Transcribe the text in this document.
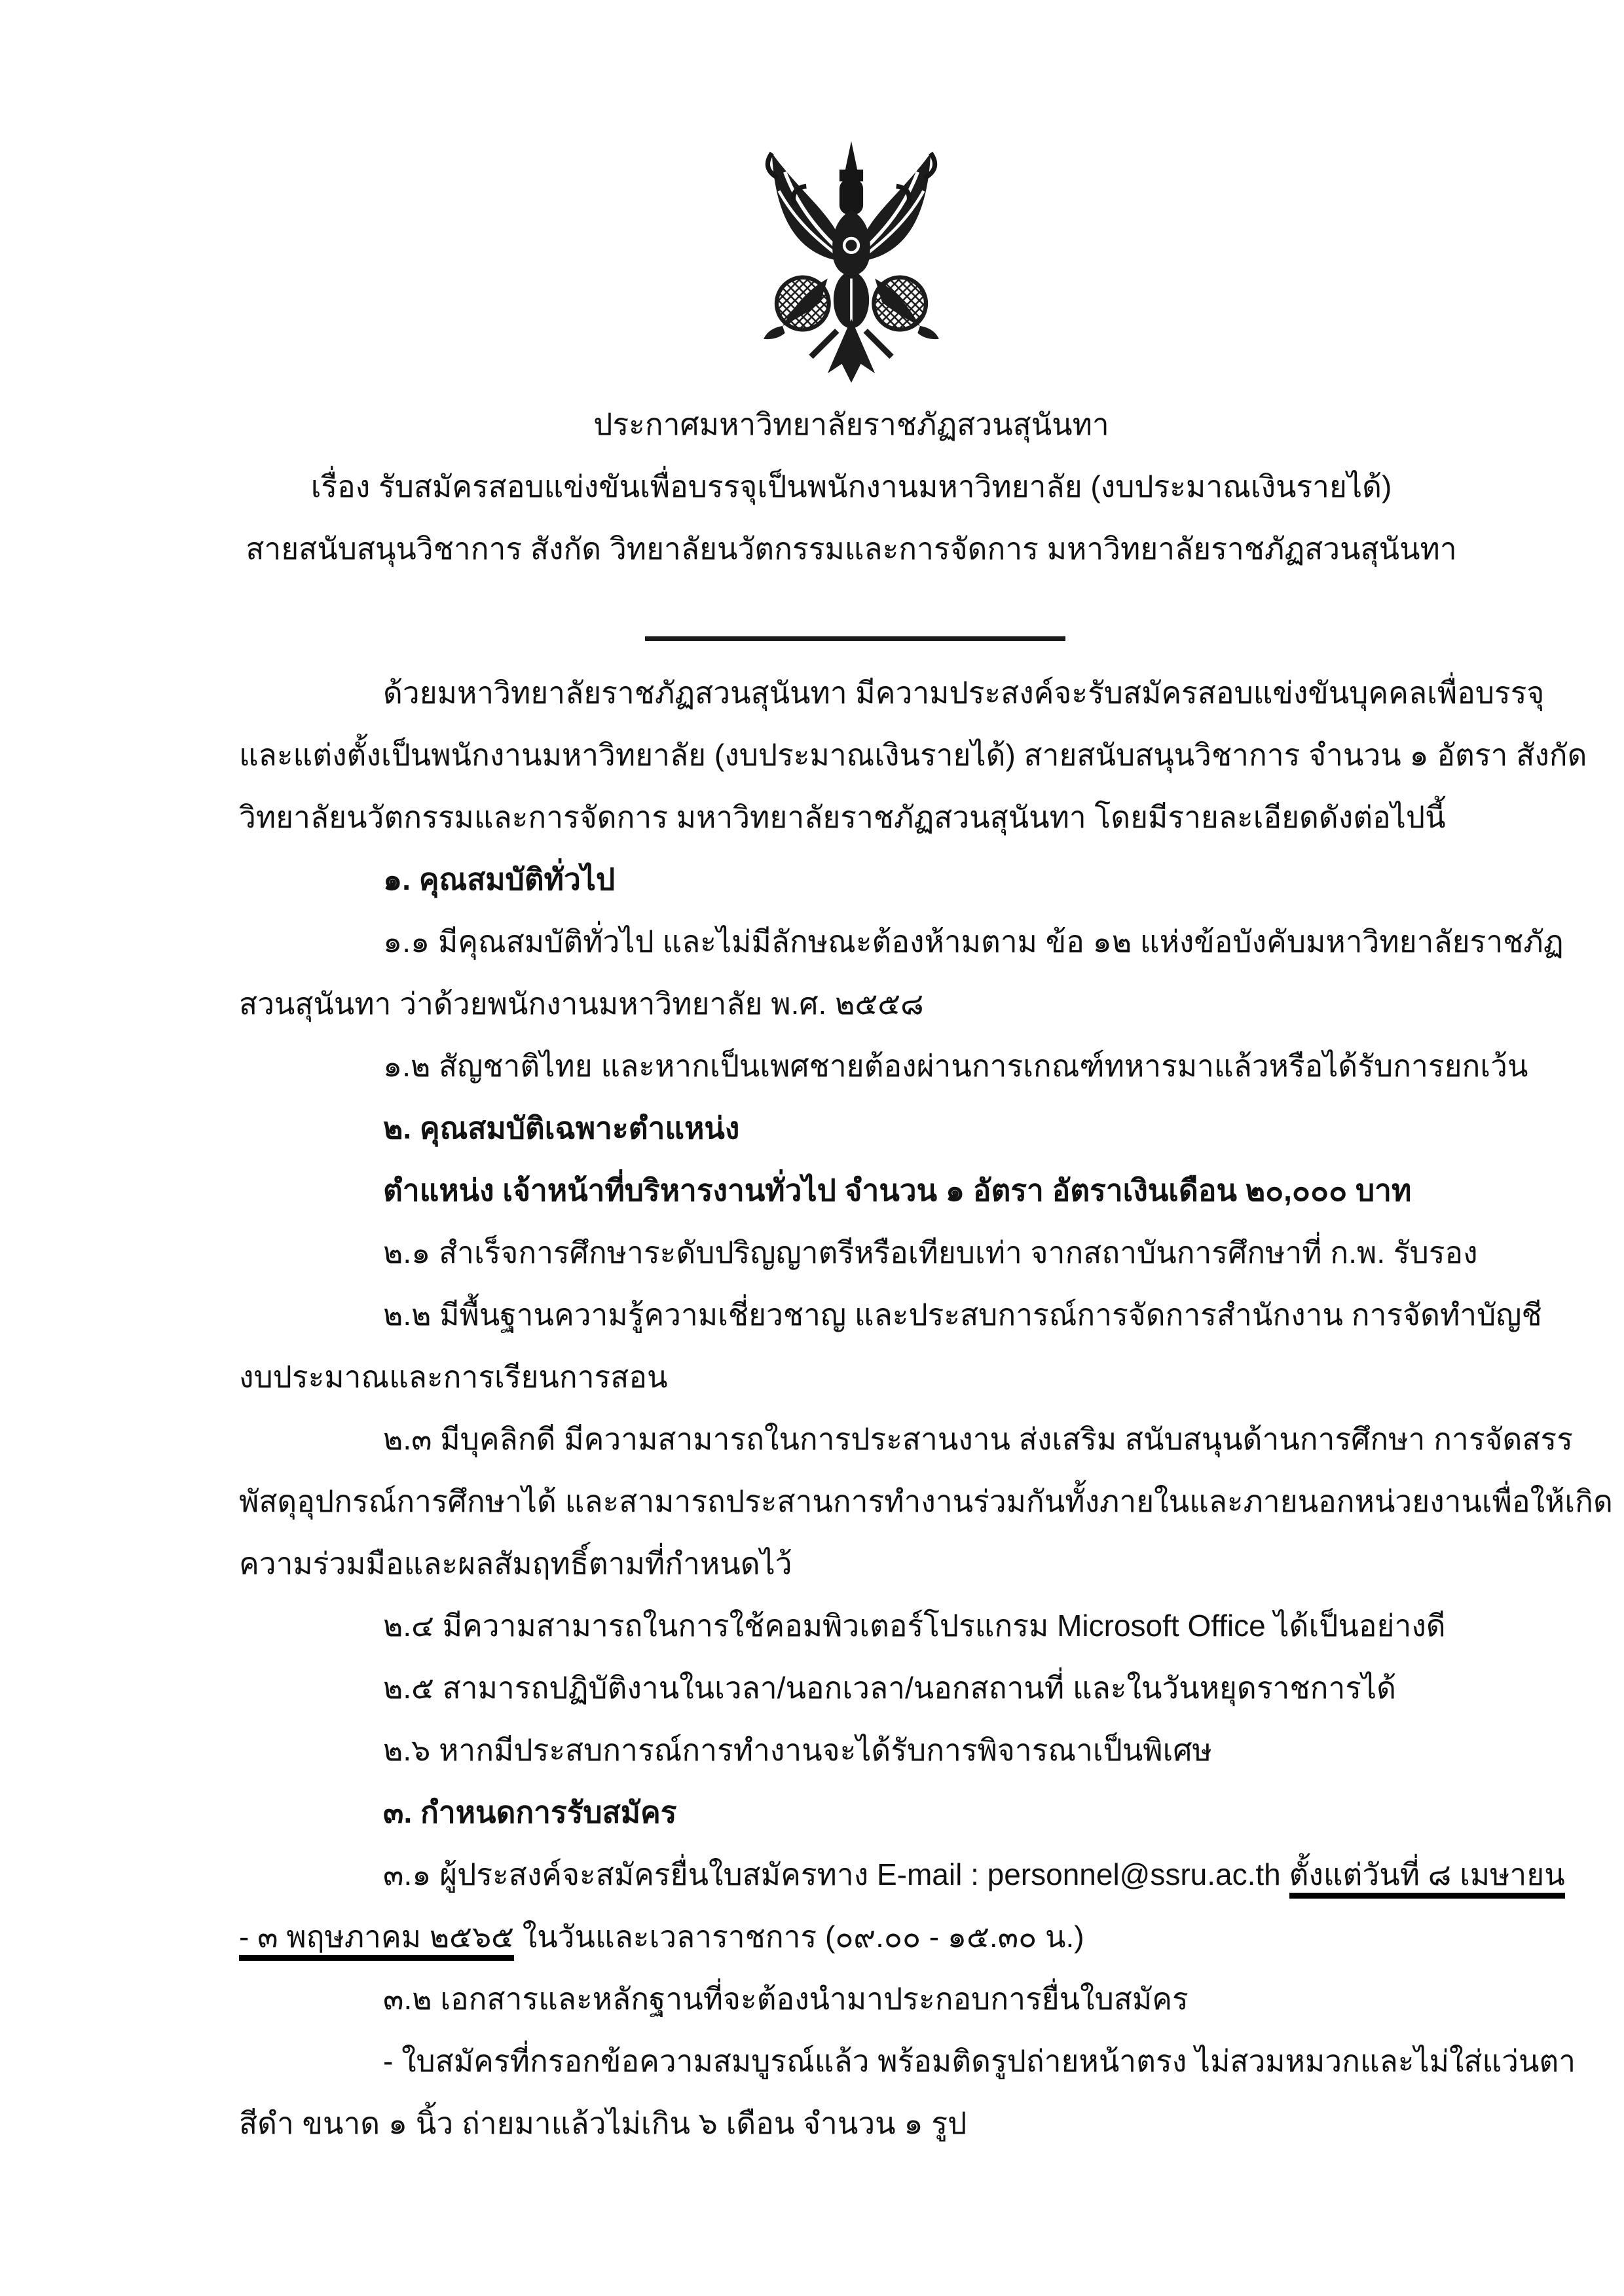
ประกาศมหาวิทยาลัยราชภัฏสวนสุนันทา
เรื่อง รับสมัครสอบแข่งขันเพื่อบรรจุเป็นพนักงานมหาวิทยาลัย (งบประมาณเงินรายได้)
สายสนับสนุนวิชาการ สังกัด วิทยาลัยนวัตกรรมและการจัดการ มหาวิทยาลัยราชภัฏสวนสุนันทา
ด้วยมหาวิทยาลัยราชภัฏสวนสุนันทา มีความประสงค์จะรับสมัครสอบแข่งขันบุคคลเพื่อบรรจุ
และแต่งตั้งเป็นพนักงานมหาวิทยาลัย (งบประมาณเงินรายได้) สายสนับสนุนวิชาการ จำนวน ๑ อัตรา สังกัด
วิทยาลัยนวัตกรรมและการจัดการ มหาวิทยาลัยราชภัฏสวนสุนันทา โดยมีรายละเอียดดังต่อไปนี้
๑. คุณสมบัติทั่วไป
๑.๑ มีคุณสมบัติทั่วไป และไม่มีลักษณะต้องห้ามตาม ข้อ ๑๒ แห่งข้อบังคับมหาวิทยาลัยราชภัฏ
สวนสุนันทา ว่าด้วยพนักงานมหาวิทยาลัย พ.ศ. ๒๕๕๘
๑.๒ สัญชาติไทย และหากเป็นเพศชายต้องผ่านการเกณฑ์ทหารมาแล้วหรือได้รับการยกเว้น
๒. คุณสมบัติเฉพาะตำแหน่ง
ตำแหน่ง เจ้าหน้าที่บริหารงานทั่วไป จำนวน ๑ อัตรา อัตราเงินเดือน ๒๐,๐๐๐ บาท
๒.๑ สำเร็จการศึกษาระดับปริญญาตรีหรือเทียบเท่า จากสถาบันการศึกษาที่ ก.พ. รับรอง
๒.๒ มีพื้นฐานความรู้ความเชี่ยวชาญ และประสบการณ์การจัดการสำนักงาน การจัดทำบัญชี
งบประมาณและการเรียนการสอน
๒.๓ มีบุคลิกดี มีความสามารถในการประสานงาน ส่งเสริม สนับสนุนด้านการศึกษา การจัดสรร
พัสดุอุปกรณ์การศึกษาได้ และสามารถประสานการทำงานร่วมกันทั้งภายในและภายนอกหน่วยงานเพื่อให้เกิด
ความร่วมมือและผลสัมฤทธิ์ตามที่กำหนดไว้
๒.๔ มีความสามารถในการใช้คอมพิวเตอร์โปรแกรม Microsoft Office ได้เป็นอย่างดี
๒.๕ สามารถปฏิบัติงานในเวลา/นอกเวลา/นอกสถานที่ และในวันหยุดราชการได้
๒.๖ หากมีประสบการณ์การทำงานจะได้รับการพิจารณาเป็นพิเศษ
๓. กำหนดการรับสมัคร
๓.๑ ผู้ประสงค์จะสมัครยื่นใบสมัครทาง E-mail : personnel@ssru.ac.th ตั้งแต่วันที่ ๘ เมษายน
- ๓ พฤษภาคม ๒๕๖๕ ในวันและเวลาราชการ (๐๙.๐๐ - ๑๕.๓๐ น.)
๓.๒ เอกสารและหลักฐานที่จะต้องนำมาประกอบการยื่นใบสมัคร
- ใบสมัครที่กรอกข้อความสมบูรณ์แล้ว พร้อมติดรูปถ่ายหน้าตรง ไม่สวมหมวกและไม่ใส่แว่นตา
สีดำ ขนาด ๑ นิ้ว ถ่ายมาแล้วไม่เกิน ๖ เดือน จำนวน ๑ รูป
